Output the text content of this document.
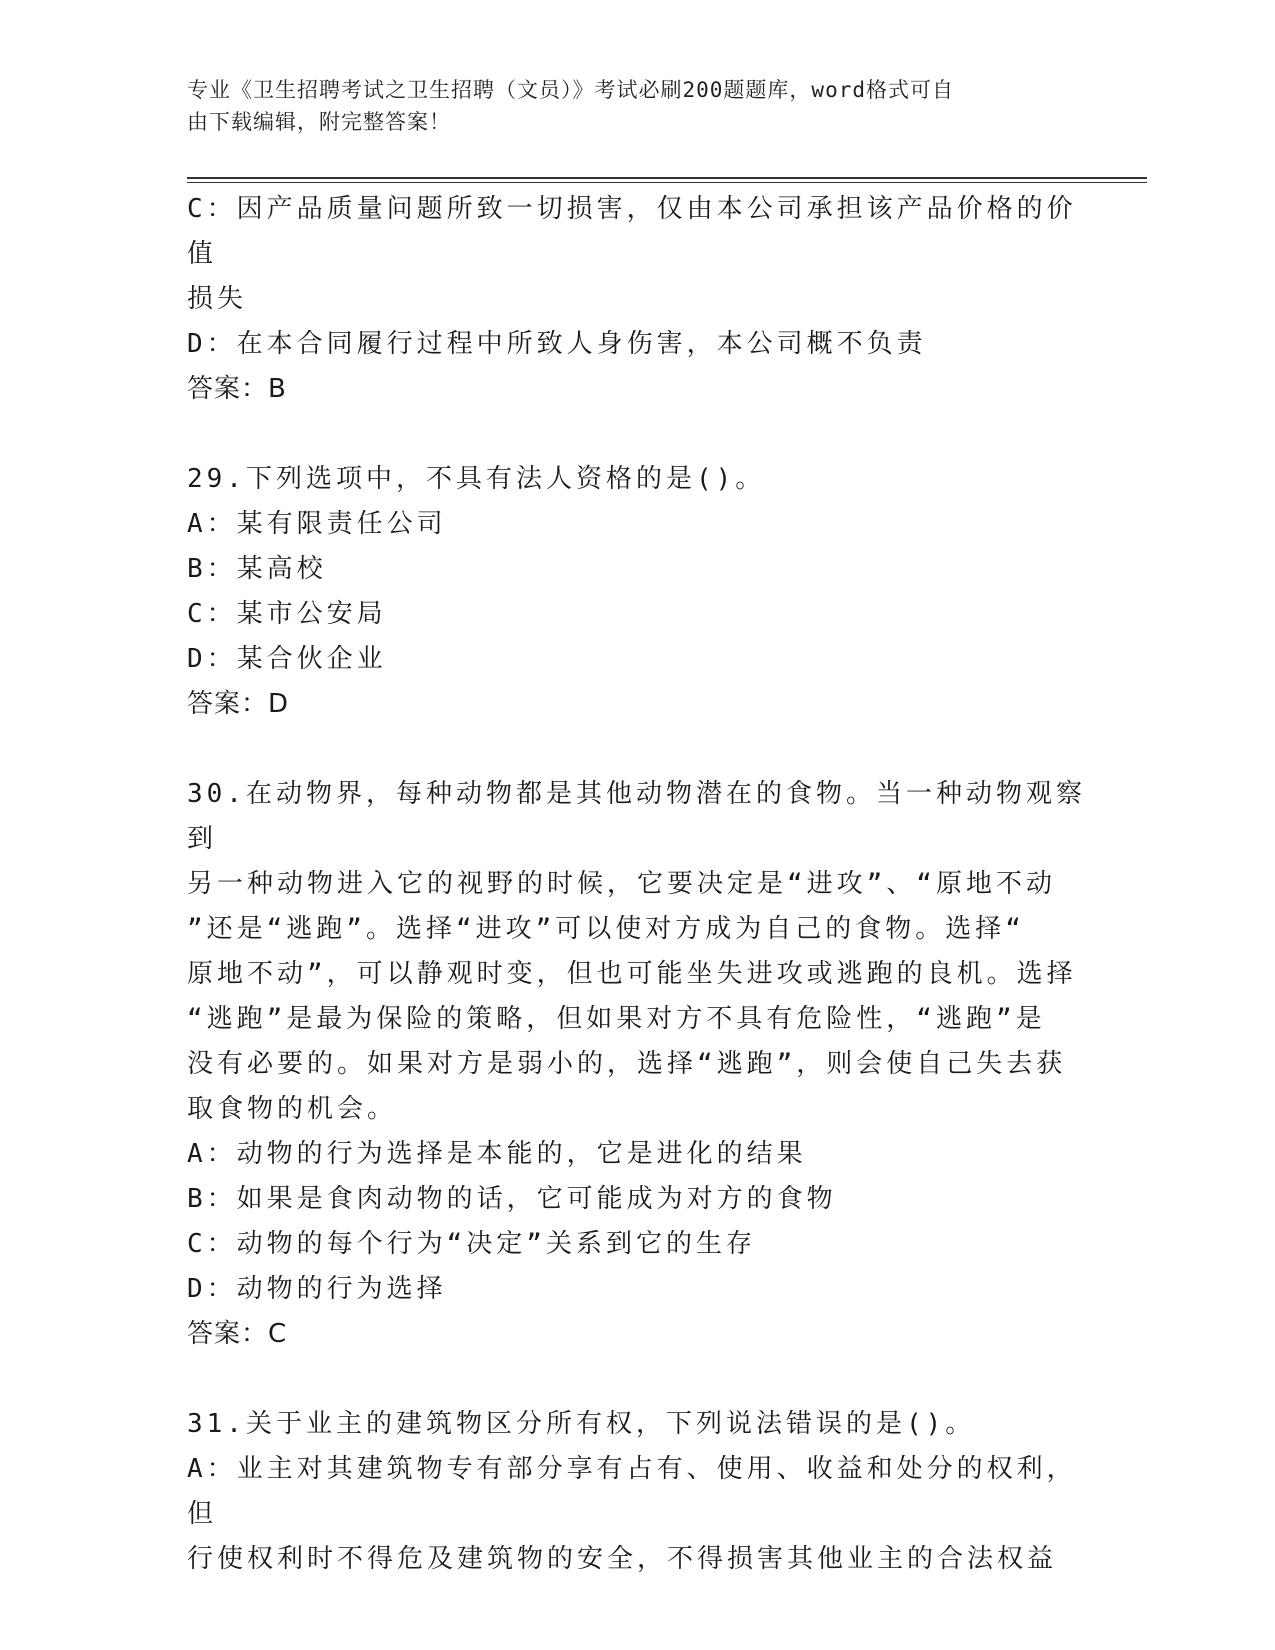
专业《卫生招聘考试之卫生招聘（文员）》考试必刷200题题库，word格式可自
由下载编辑，附完整答案！

C：因产品质量问题所致一切损害，仅由本公司承担该产品价格的价值

损失

D：在本合同履行过程中所致人身伤害，本公司概不负责

答案：B

29.下列选项中，不具有法人资格的是()。

A：某有限责任公司

B：某高校

C：某市公安局

D：某合伙企业

答案：D

30.在动物界，每种动物都是其他动物潜在的食物。当一种动物观察到

另一种动物进入它的视野的时候，它要决定是“进攻”、“原地不动

”还是“逃跑”。选择“进攻”可以使对方成为自己的食物。选择“

原地不动”，可以静观时变，但也可能坐失进攻或逃跑的良机。选择

“逃跑”是最为保险的策略，但如果对方不具有危险性，“逃跑”是

没有必要的。如果对方是弱小的，选择“逃跑”，则会使自己失去获

取食物的机会。

A：动物的行为选择是本能的，它是进化的结果

B：如果是食肉动物的话，它可能成为对方的食物

C：动物的每个行为“决定”关系到它的生存

D：动物的行为选择

答案：C

31.关于业主的建筑物区分所有权，下列说法错误的是()。

A：业主对其建筑物专有部分享有占有、使用、收益和处分的权利，但

行使权利时不得危及建筑物的安全，不得损害其他业主的合法权益
